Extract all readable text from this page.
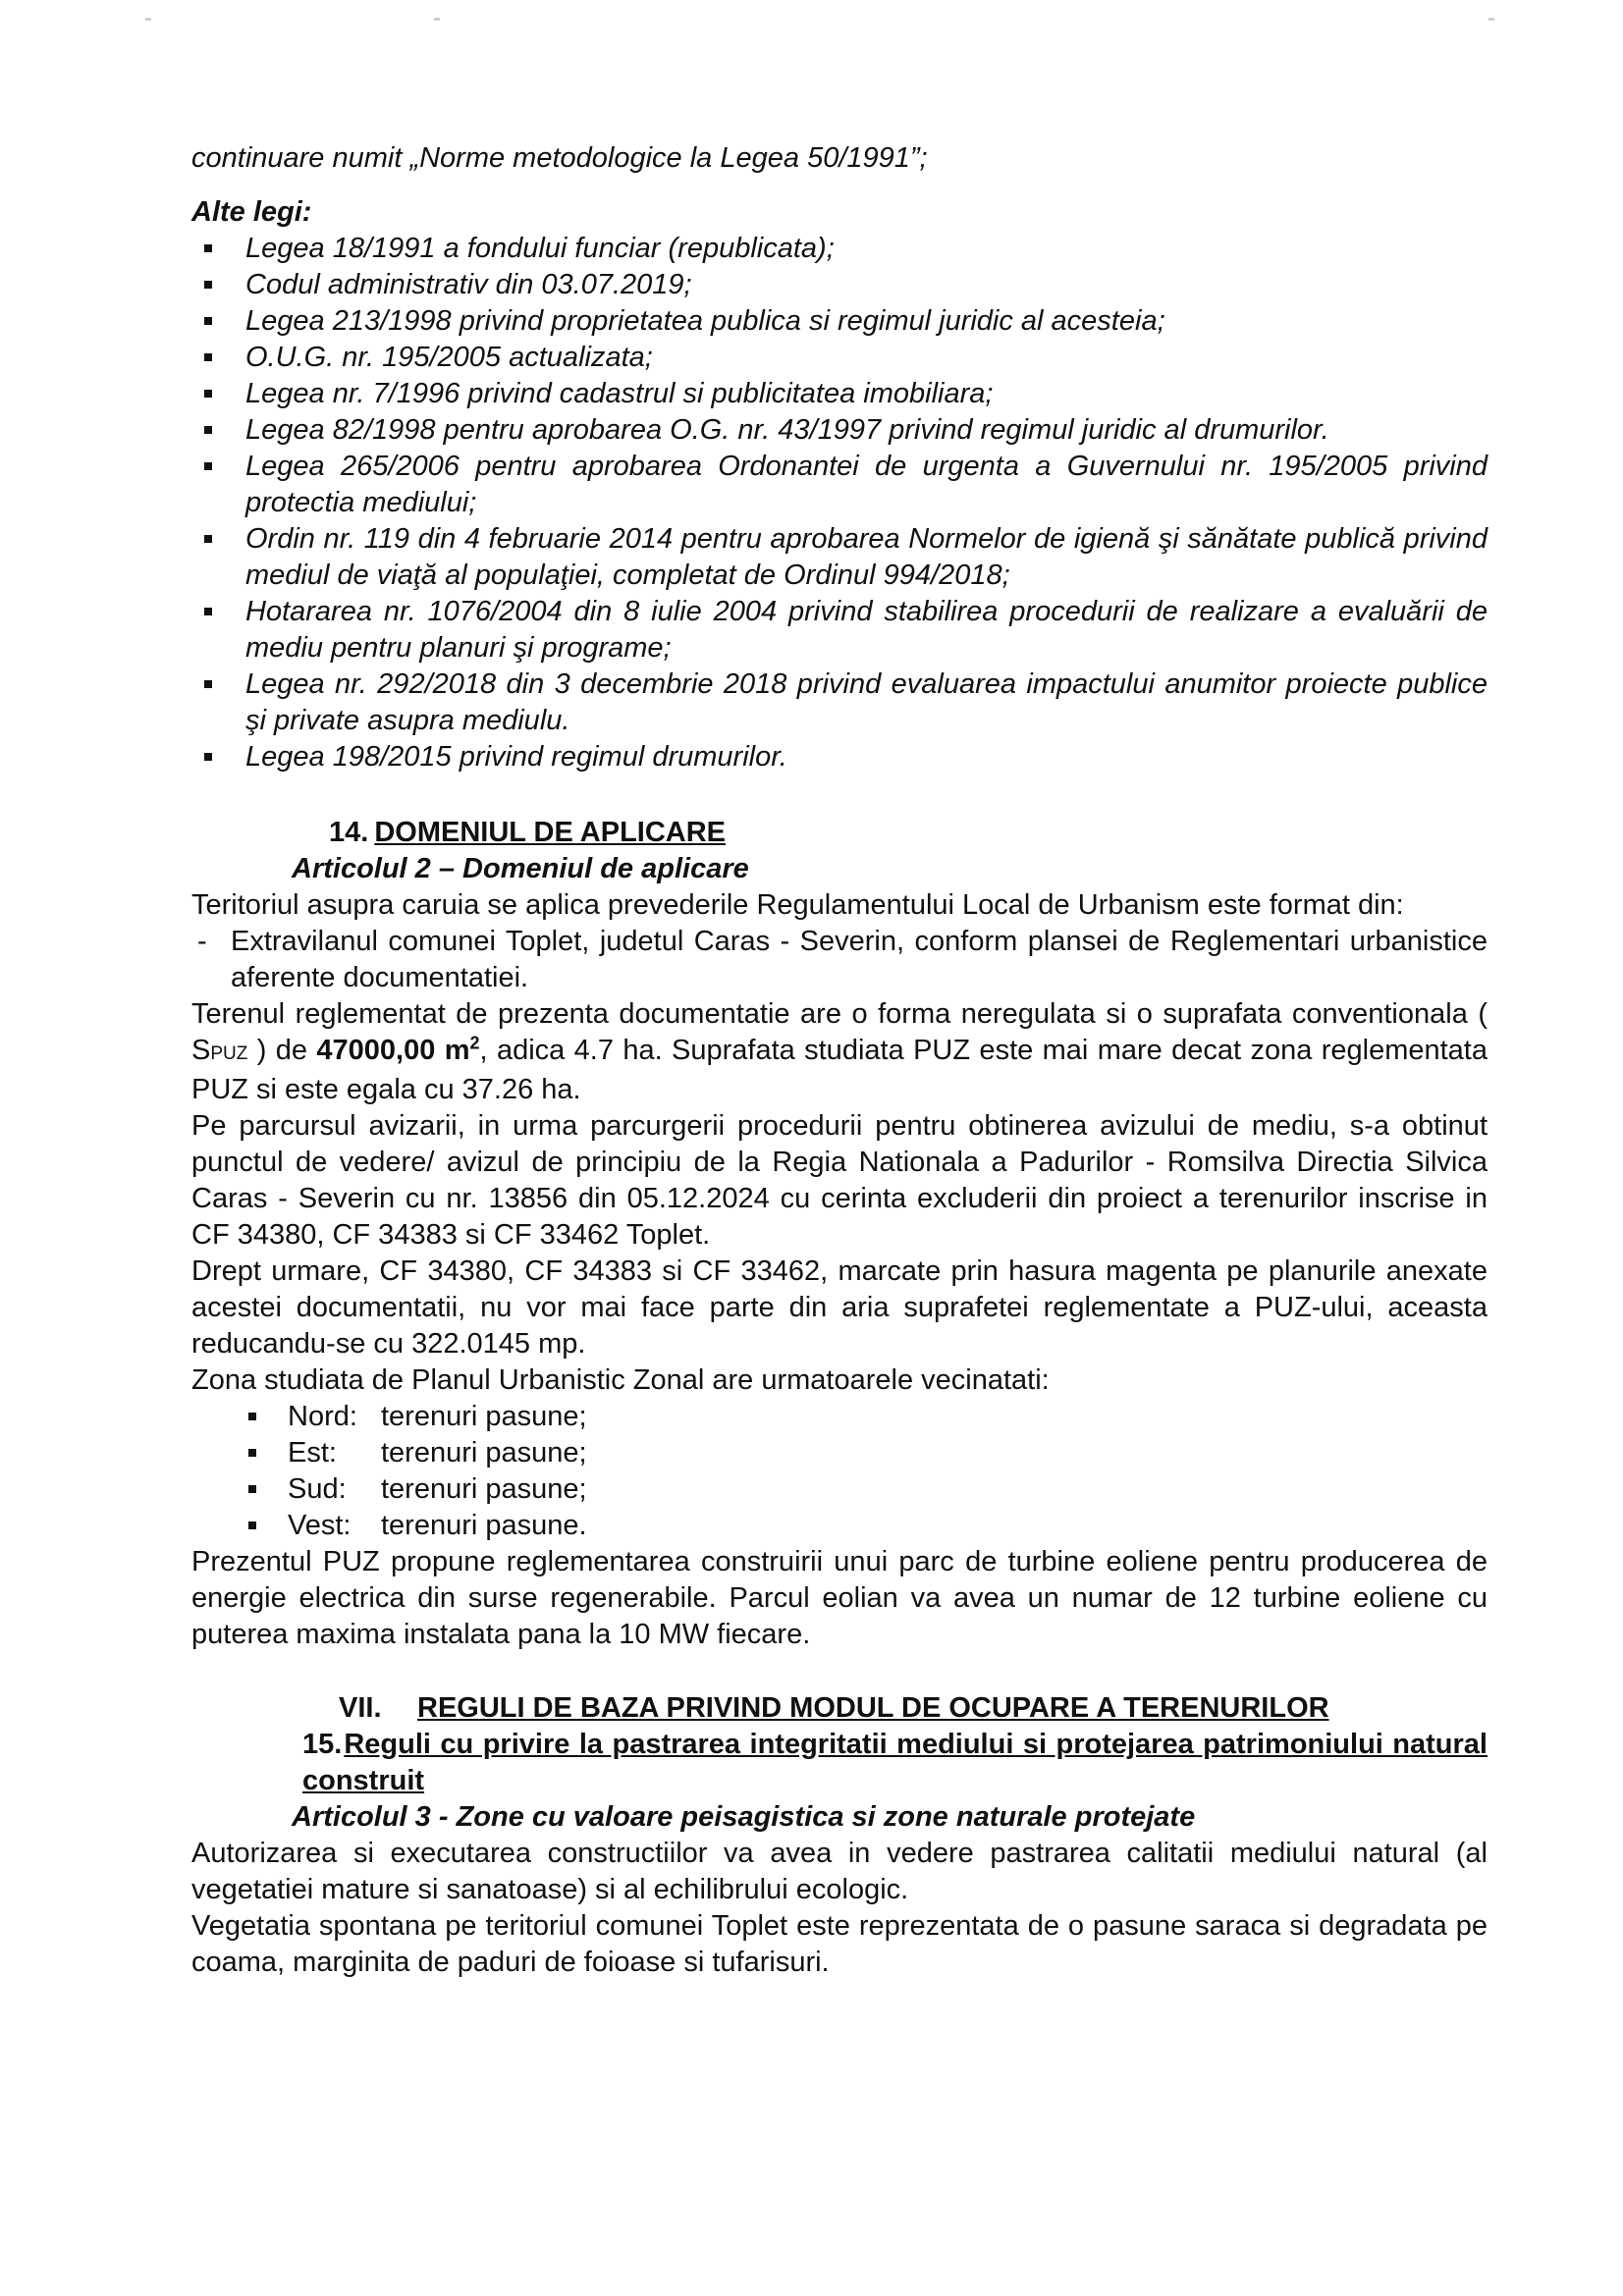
continuare numit „Norme metodologice la Legea 50/1991”;

Alte legi:

Legea 18/1991 a fondului funciar (republicata);
Codul administrativ din 03.07.2019;
Legea 213/1998 privind proprietatea publica si regimul juridic al acesteia;
O.U.G. nr. 195/2005 actualizata;
Legea nr. 7/1996 privind cadastrul si publicitatea imobiliara;
Legea 82/1998 pentru aprobarea O.G. nr. 43/1997 privind regimul juridic al drumurilor.
Legea 265/2006 pentru aprobarea Ordonantei de urgenta a Guvernului nr. 195/2005 privind protectia mediului;
Ordin nr. 119 din 4 februarie 2014 pentru aprobarea Normelor de igienă şi sănătate publică privind mediul de viaţă al populaţiei, completat de Ordinul 994/2018;
Hotararea nr. 1076/2004 din 8 iulie 2004 privind stabilirea procedurii de realizare a evaluării de mediu pentru planuri şi programe;
Legea nr. 292/2018 din 3 decembrie 2018 privind evaluarea impactului anumitor proiecte publice şi private asupra mediulu.
Legea 198/2015 privind regimul drumurilor.

14. DOMENIUL DE APLICARE

Articolul 2 – Domeniul de aplicare

Teritoriul asupra caruia se aplica prevederile Regulamentului Local de Urbanism este format din:

- Extravilanul comunei Toplet, judetul Caras - Severin, conform plansei de Reglementari urbanistice aferente documentatiei.

Terenul reglementat de prezenta documentatie are o forma neregulata si o suprafata conventionala ( SPUZ ) de 47000,00 $m^2$, adica 4.7 ha. Suprafata studiata PUZ este mai mare decat zona reglementata PUZ si este egala cu 37.26 ha.

Pe parcursul avizarii, in urma parcurgerii procedurii pentru obtinerea avizului de mediu, s-a obtinut punctul de vedere/ avizul de principiu de la Regia Nationala a Padurilor - Romsilva Directia Silvica Caras - Severin cu nr. 13856 din 05.12.2024 cu cerinta excluderii din proiect a terenurilor inscrise in CF 34380, CF 34383 si CF 33462 Toplet.

Drept urmare, CF 34380, CF 34383 si CF 33462, marcate prin hasura magenta pe planurile anexate acestei documentatii, nu vor mai face parte din aria suprafetei reglementate a PUZ-ului, aceasta reducandu-se cu 322.0145 mp.

Zona studiata de Planul Urbanistic Zonal are urmatoarele vecinatati:

Nord: terenuri pasune;
Est: terenuri pasune;
Sud: terenuri pasune;
Vest: terenuri pasune.

Prezentul PUZ propune reglementarea construirii unui parc de turbine eoliene pentru producerea de energie electrica din surse regenerabile. Parcul eolian va avea un numar de 12 turbine eoliene cu puterea maxima instalata pana la 10 MW fiecare.

VII. REGULI DE BAZA PRIVIND MODUL DE OCUPARE A TERENURILOR

15.Reguli cu privire la pastrarea integritatii mediului si protejarea patrimoniului natural construit

Articolul 3 - Zone cu valoare peisagistica si zone naturale protejate

Autorizarea si executarea constructiilor va avea in vedere pastrarea calitatii mediului natural (al vegetatiei mature si sanatoase) si al echilibrului ecologic.

Vegetatia spontana pe teritoriul comunei Toplet este reprezentata de o pasune saraca si degradata pe coama, marginita de paduri de foioase si tufarisuri.
